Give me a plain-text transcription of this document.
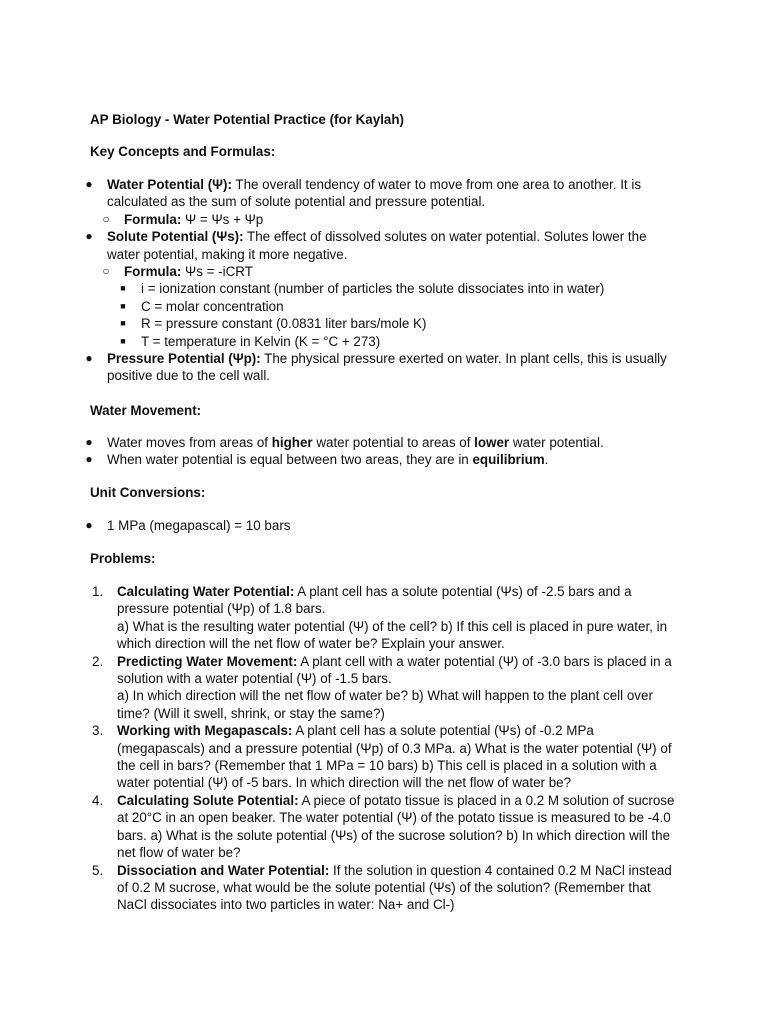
AP Biology - Water Potential Practice (for Kaylah)
Key Concepts and Formulas:
●	Water Potential (Ψ): The overall tendency of water to move from one area to another. It is calculated as the sum of solute potential and pressure potential.
○	Formula: Ψ = Ψs + Ψp
●	Solute Potential (Ψs): The effect of dissolved solutes on water potential. Solutes lower the water potential, making it more negative.
○	Formula: Ψs = -iCRT
■	i = ionization constant (number of particles the solute dissociates into in water)
■	C = molar concentration
■	R = pressure constant (0.0831 liter bars/mole K)
■	T = temperature in Kelvin (K = °C + 273)
●	Pressure Potential (Ψp): The physical pressure exerted on water. In plant cells, this is usually positive due to the cell wall.
Water Movement:
●	Water moves from areas of higher water potential to areas of lower water potential.
●	When water potential is equal between two areas, they are in equilibrium.
Unit Conversions:
●	1 MPa (megapascal) = 10 bars
Problems:
1.	Calculating Water Potential: A plant cell has a solute potential (Ψs) of -2.5 bars and a pressure potential (Ψp) of 1.8 bars.
a) What is the resulting water potential (Ψ) of the cell? b) If this cell is placed in pure water, in which direction will the net flow of water be? Explain your answer.
2.	Predicting Water Movement: A plant cell with a water potential (Ψ) of -3.0 bars is placed in a solution with a water potential (Ψ) of -1.5 bars.
a) In which direction will the net flow of water be? b) What will happen to the plant cell over time? (Will it swell, shrink, or stay the same?)
3.	Working with Megapascals: A plant cell has a solute potential (Ψs) of -0.2 MPa (megapascals) and a pressure potential (Ψp) of 0.3 MPa. a) What is the water potential (Ψ) of the cell in bars? (Remember that 1 MPa = 10 bars) b) This cell is placed in a solution with a water potential (Ψ) of -5 bars. In which direction will the net flow of water be?
4.	Calculating Solute Potential: A piece of potato tissue is placed in a 0.2 M solution of sucrose at 20°C in an open beaker. The water potential (Ψ) of the potato tissue is measured to be -4.0 bars. a) What is the solute potential (Ψs) of the sucrose solution? b) In which direction will the net flow of water be?
5.	Dissociation and Water Potential: If the solution in question 4 contained 0.2 M NaCl instead of 0.2 M sucrose, what would be the solute potential (Ψs) of the solution? (Remember that NaCl dissociates into two particles in water: Na+ and Cl-)
